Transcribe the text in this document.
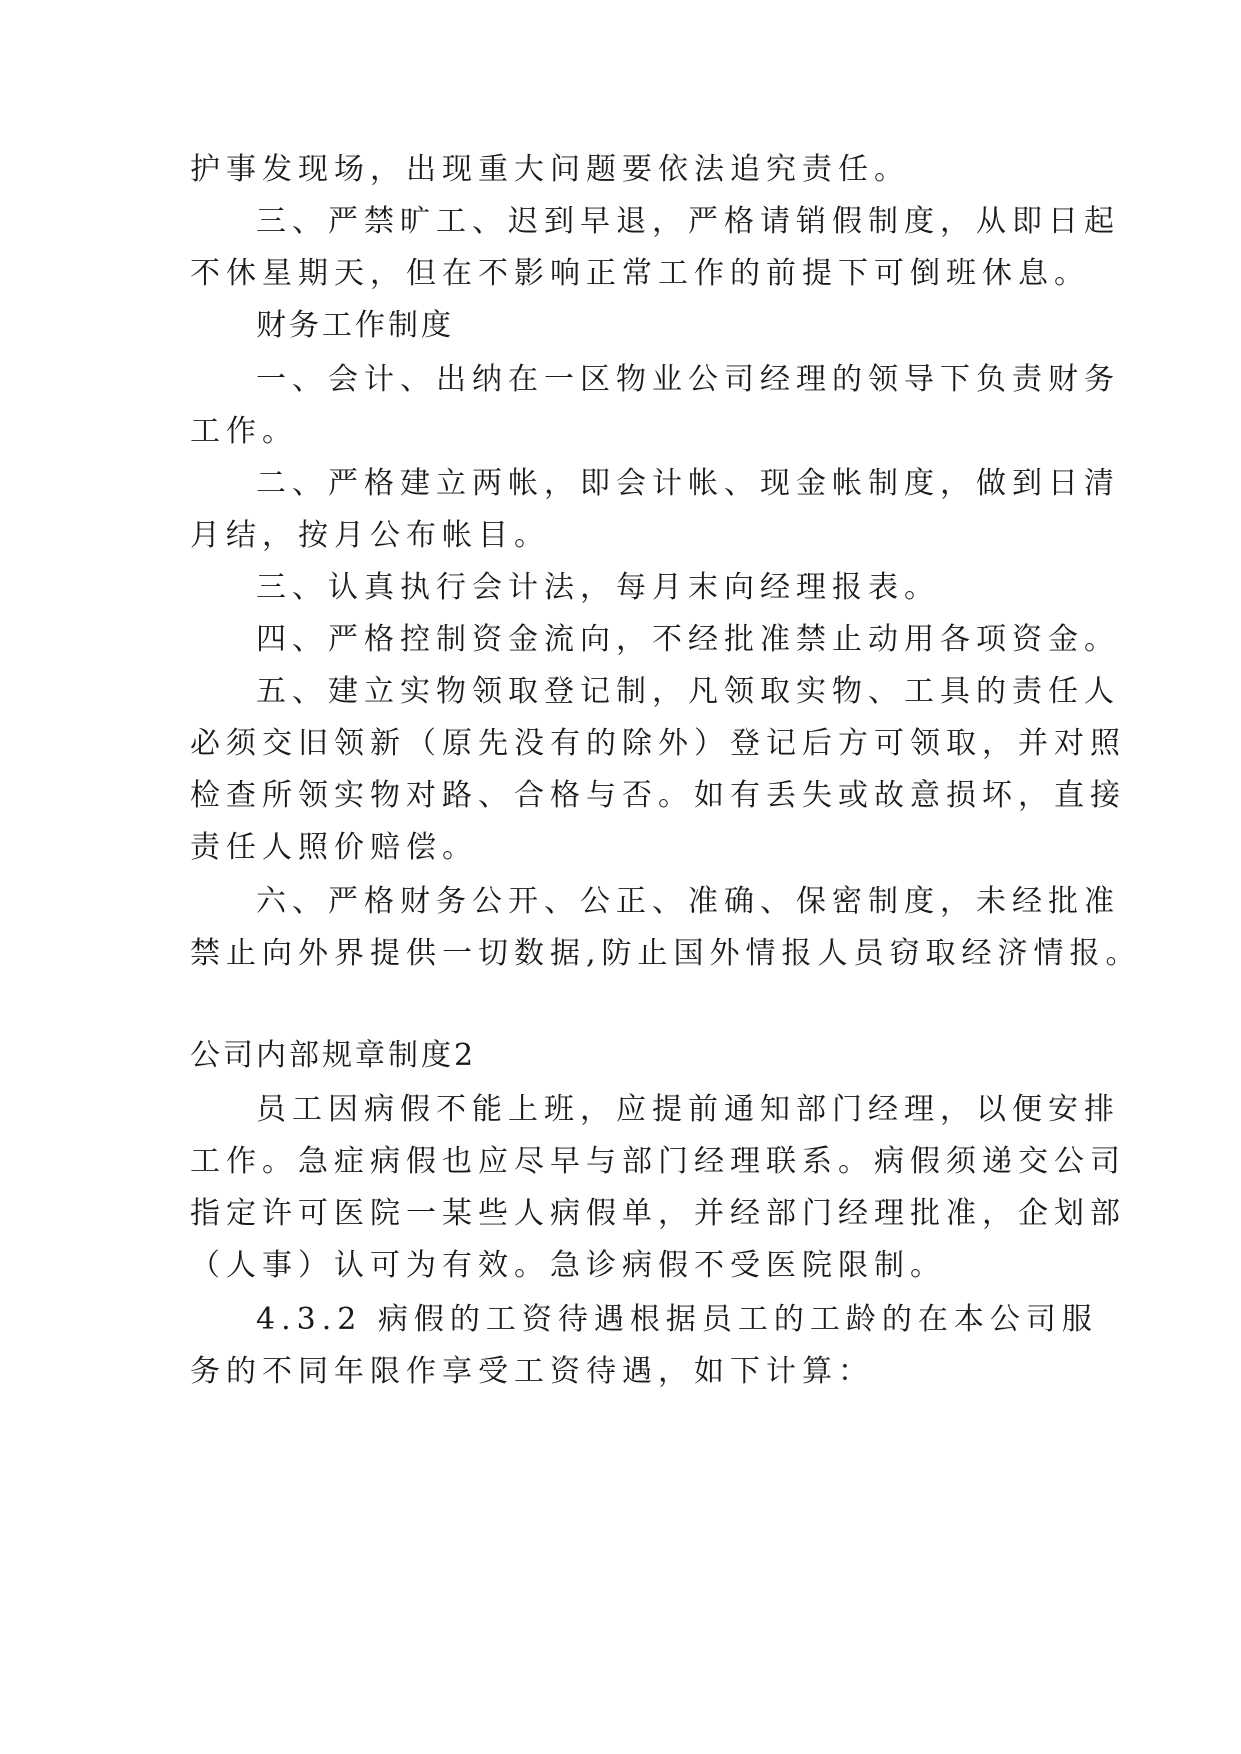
护事发现场，出现重大问题要依法追究责任。
三、严禁旷工、迟到早退，严格请销假制度，从即日起
不休星期天，但在不影响正常工作的前提下可倒班休息。
财务工作制度
一、会计、出纳在一区物业公司经理的领导下负责财务
工作。
二、严格建立两帐，即会计帐、现金帐制度，做到日清
月结，按月公布帐目。
三、认真执行会计法，每月末向经理报表。
四、严格控制资金流向，不经批准禁止动用各项资金。
五、建立实物领取登记制，凡领取实物、工具的责任人
必须交旧领新（原先没有的除外）登记后方可领取，并对照
检查所领实物对路、合格与否。如有丢失或故意损坏，直接
责任人照价赔偿。
六、严格财务公开、公正、准确、保密制度，未经批准
禁止向外界提供一切数据,防止国外情报人员窃取经济情报。
公司内部规章制度2
员工因病假不能上班，应提前通知部门经理，以便安排
工作。急症病假也应尽早与部门经理联系。病假须递交公司
指定许可医院一某些人病假单，并经部门经理批准，企划部
（人事）认可为有效。急诊病假不受医院限制。
4.3.2 病假的工资待遇根据员工的工龄的在本公司服
务的不同年限作享受工资待遇，如下计算：
